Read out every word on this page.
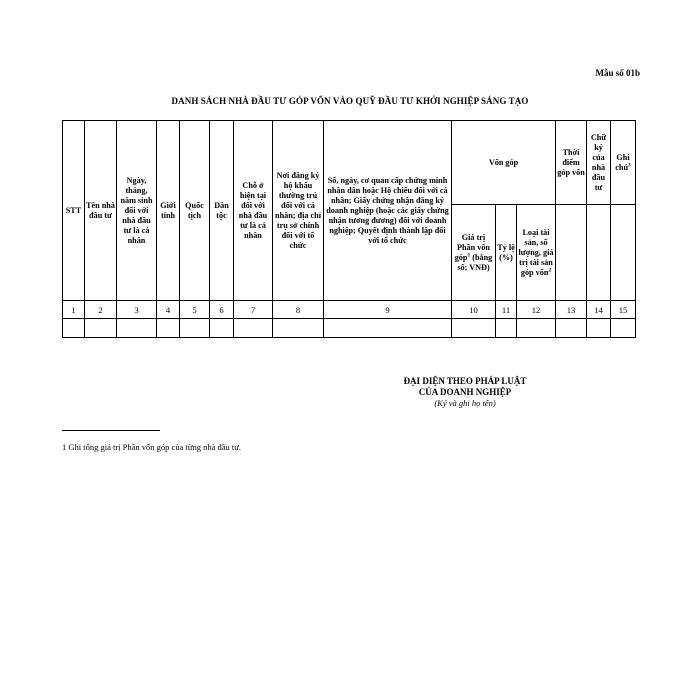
Mẫu số 01b
DANH SÁCH NHÀ ĐẦU TƯ GÓP VỐN VÀO QUỸ ĐẦU TƯ KHỞI NGHIỆP SÁNG TẠO
STT	Tên nhà đầu tư	Ngày, tháng, năm sinh đối với nhà đầu tư là cá nhân	Giới tính	Quốc tịch	Dân tộc	Chỗ ở hiện tại đối với nhà đầu tư là cá nhân	Nơi đăng ký hộ khẩu thường trú đối với cá nhân; địa chỉ trụ sở chính đối với tổ chức	Số, ngày, cơ quan cấp chứng minh nhân dân hoặc Hộ chiếu đối với cá nhân; Giấy chứng nhận đăng ký doanh nghiệp (hoặc các giấy chứng nhận tương đương) đối với doanh nghiệp; Quyết định thành lập đối với tổ chức	Vốn góp			Thời điểm góp vốn	Chữ ký của nhà đầu tư	Ghi chú$^3$
									Giá trị Phần vốn góp$^1$ (bằng số; VNĐ)	Tỷ lệ (%)	Loại tài sản, số lượng, giá trị tài sản góp vốn$^2$			
1	2	3	4	5	6	7	8	9	10	11	12	13	14	15

ĐẠI DIỆN THEO PHÁP LUẬT
CỦA DOANH NGHIỆP
(Ký và ghi họ tên)
1 Ghi tổng giá trị Phần vốn góp của từng nhà đầu tư.
